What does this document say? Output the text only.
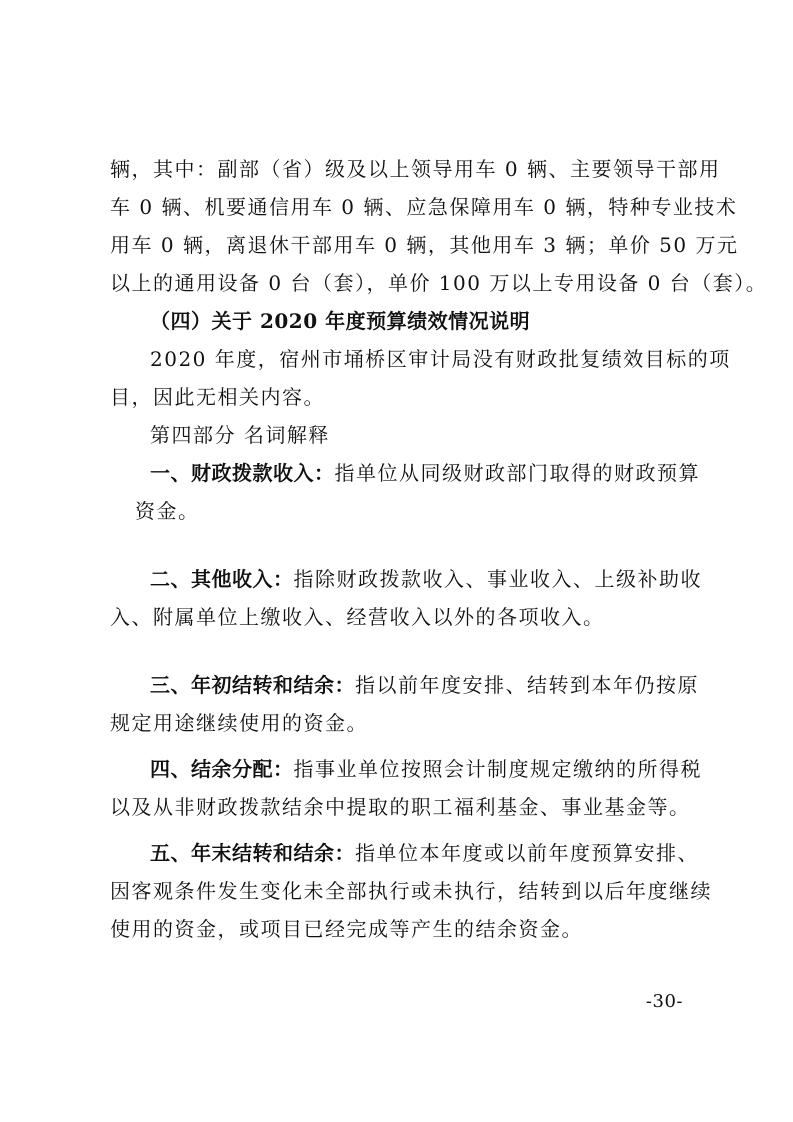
辆，其中：副部（省）级及以上领导用车 0 辆、主要领导干部用
车 0 辆、机要通信用车 0 辆、应急保障用车 0 辆，特种专业技术
用车 0 辆，离退休干部用车 0 辆，其他用车 3 辆；单价 50 万元
以上的通用设备 0 台（套），单价 100 万以上专用设备 0 台（套）。
（四）关于 2020 年度预算绩效情况说明
2020 年度，宿州市埇桥区审计局没有财政批复绩效目标的项
目，因此无相关内容。
第四部分 名词解释
一、财政拨款收入：指单位从同级财政部门取得的财政预算
资金。
二、其他收入：指除财政拨款收入、事业收入、上级补助收
入、附属单位上缴收入、经营收入以外的各项收入。
三、年初结转和结余：指以前年度安排、结转到本年仍按原
规定用途继续使用的资金。
四、结余分配：指事业单位按照会计制度规定缴纳的所得税
以及从非财政拨款结余中提取的职工福利基金、事业基金等。
五、年末结转和结余：指单位本年度或以前年度预算安排、
因客观条件发生变化未全部执行或未执行，结转到以后年度继续
使用的资金，或项目已经完成等产生的结余资金。
-30-
